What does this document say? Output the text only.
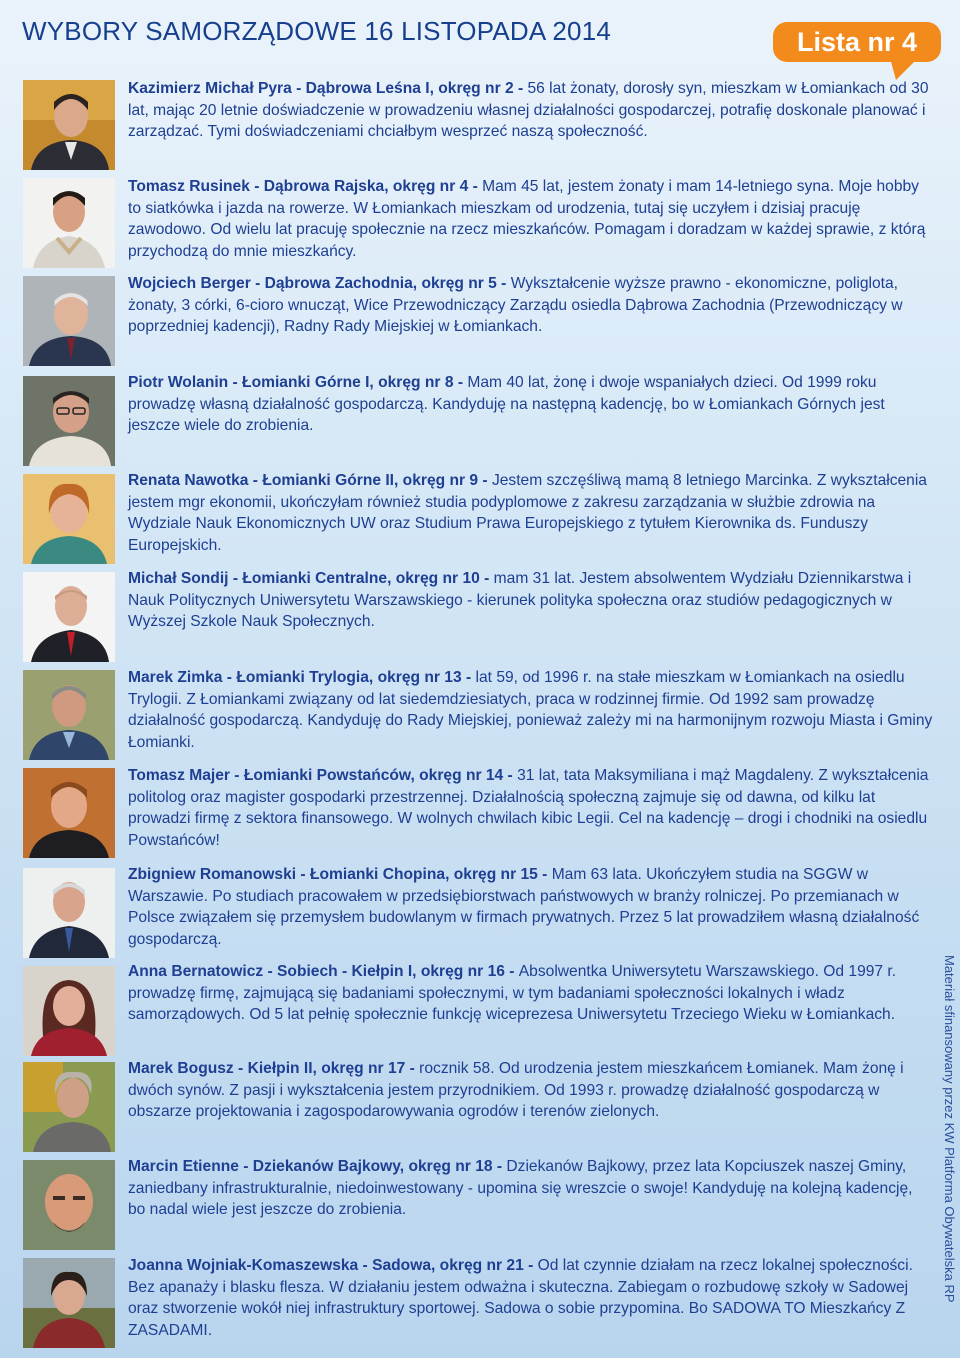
WYBORY SAMORZĄDOWE 16 LISTOPADA 2014	Lista nr 4
Kazimierz Michał Pyra - Dąbrowa Leśna I, okręg nr 2 - 56 lat żonaty, dorosły syn, mieszkam w Łomiankach od 30 lat, mając 20 letnie doświadczenie w prowadzeniu własnej działalności gospodarczej, potrafię doskonale planować i zarządzać. Tymi doświadczeniami chciałbym wesprzeć naszą społeczność.
Tomasz Rusinek - Dąbrowa Rajska, okręg nr 4 - Mam 45 lat, jestem żonaty i mam 14-letniego syna. Moje hobby to siatkówka i jazda na rowerze. W Łomiankach mieszkam od urodzenia, tutaj się uczyłem i dzisiaj pracuję zawodowo. Od wielu lat pracuję społecznie na rzecz mieszkańców. Pomagam i doradzam w każdej sprawie, z którą przychodzą do mnie mieszkańcy.
Wojciech Berger - Dąbrowa Zachodnia, okręg nr 5 - Wykształcenie wyższe prawno - ekonomiczne, poliglota, żonaty, 3 córki, 6-cioro wnucząt, Wice Przewodniczący Zarządu osiedla Dąbrowa Zachodnia (Przewodniczący w poprzedniej kadencji), Radny Rady Miejskiej w Łomiankach.
Piotr Wolanin - Łomianki Górne I, okręg nr 8 - Mam 40 lat, żonę i dwoje wspaniałych dzieci. Od 1999 roku prowadzę własną działalność gospodarczą. Kandyduję na następną kadencję, bo w Łomiankach Górnych jest jeszcze wiele do zrobienia.
Renata Nawotka - Łomianki Górne II, okręg nr 9 - Jestem szczęśliwą mamą 8 letniego Marcinka. Z wykształcenia jestem mgr ekonomii, ukończyłam również studia podyplomowe z zakresu zarządzania w służbie zdrowia na Wydziale Nauk Ekonomicznych UW oraz Studium Prawa Europejskiego z tytułem Kierownika ds. Funduszy Europejskich.
Michał Sondij - Łomianki Centralne, okręg nr 10 - mam 31 lat. Jestem absolwentem Wydziału Dziennikarstwa i Nauk Politycznych Uniwersytetu Warszawskiego - kierunek polityka społeczna oraz studiów pedagogicznych w Wyższej Szkole Nauk Społecznych.
Marek Zimka - Łomianki Trylogia, okręg nr 13 - lat 59, od 1996 r. na stałe mieszkam w Łomiankach na osiedlu Trylogii. Z Łomiankami związany od lat siedemdziesiatych, praca w rodzinnej firmie. Od 1992 sam prowadzę działalność gospodarczą. Kandyduję do Rady Miejskiej, ponieważ zależy mi na harmonijnym rozwoju Miasta i Gminy Łomianki.
Tomasz Majer - Łomianki Powstańców, okręg nr 14 - 31 lat, tata Maksymiliana i mąż Magdaleny. Z wykształcenia politolog oraz magister gospodarki przestrzennej. Działalnością społeczną zajmuje się od dawna, od kilku lat prowadzi firmę z sektora finansowego. W wolnych chwilach kibic Legii. Cel na kadencję – drogi i chodniki na osiedlu Powstańców!
Zbigniew Romanowski - Łomianki Chopina, okręg nr 15 - Mam 63 lata. Ukończyłem studia na SGGW w Warszawie. Po studiach pracowałem w przedsiębiorstwach państwowych w branży rolniczej. Po przemianach w Polsce związałem się przemysłem budowlanym w firmach prywatnych. Przez 5 lat prowadziłem własną działalność gospodarczą.
Anna Bernatowicz - Sobiech - Kiełpin I, okręg nr 16 - Absolwentka Uniwersytetu Warszawskiego. Od 1997 r. prowadzę firmę, zajmującą się badaniami społecznymi, w tym badaniami społeczności lokalnych i władz samorządowych. Od 5 lat pełnię społecznie funkcję wiceprezesa Uniwersytetu Trzeciego Wieku w Łomiankach.
Marek Bogusz - Kiełpin II, okręg nr 17 - rocznik 58. Od urodzenia jestem mieszkańcem Łomianek. Mam żonę i dwóch synów. Z pasji i wykształcenia jestem przyrodnikiem. Od 1993 r. prowadzę działalność gospodarczą w obszarze projektowania i zagospodarowywania ogrodów i terenów zielonych.
Marcin Etienne - Dziekanów Bajkowy, okręg nr 18 - Dziekanów Bajkowy, przez lata Kopciuszek naszej Gminy, zaniedbany infrastrukturalnie, niedoinwestowany - upomina się wreszcie o swoje! Kandyduję na kolejną kadencję, bo nadal wiele jest jeszcze do zrobienia.
Joanna Wojniak-Komaszewska - Sadowa, okręg nr 21 - Od lat czynnie działam na rzecz lokalnej społeczności. Bez apanaży i blasku flesza. W działaniu jestem odważna i skuteczna. Zabiegam o rozbudowę szkoły w Sadowej oraz stworzenie wokół niej infrastruktury sportowej. Sadowa o sobie przypomina. Bo SADOWA TO Mieszkańcy Z ZASADAMI.
Materiał sfinansowany przez KW Platforma Obywatelska RP
